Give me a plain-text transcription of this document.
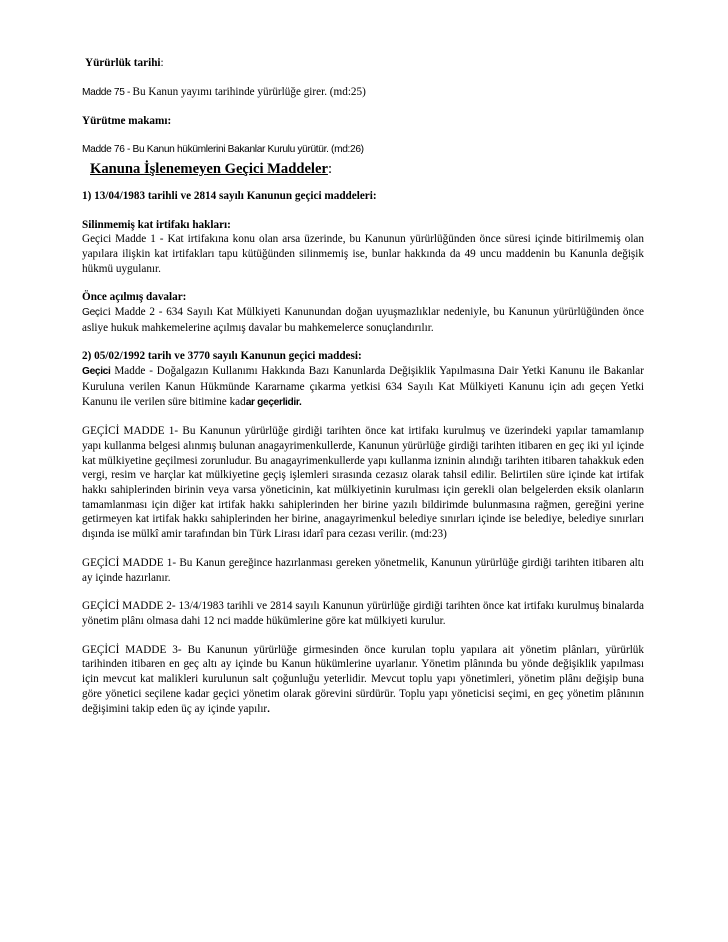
Yürürlük tarihi:

Madde 75 - Bu Kanun yayımı tarihinde yürürlüğe girer. (md:25)

Yürütme makamı:

Madde 76 - Bu Kanun hükümlerini Bakanlar Kurulu yürütür. (md:26)

Kanuna İşlenemeyen Geçici Maddeler:

1) 13/04/1983 tarihli ve 2814 sayılı Kanunun geçici maddeleri:

Silinmemiş kat irtifakı hakları:

Geçici Madde 1 - Kat irtifakına konu olan arsa üzerinde, bu Kanunun yürürlüğünden önce süresi içinde bitirilmemiş olan yapılara ilişkin kat irtifakları tapu kütüğünden silinmemiş ise, bunlar hakkında da 49 uncu maddenin bu Kanunla değişik hükmü uygulanır.

Önce açılmış davalar:

Geçici Madde 2 - 634 Sayılı Kat Mülkiyeti Kanunundan doğan uyuşmazlıklar nedeniyle, bu Kanunun yürürlüğünden önce asliye hukuk mahkemelerine açılmış davalar bu mahkemelerce sonuçlandırılır.

2) 05/02/1992 tarih ve 3770 sayılı Kanunun geçici maddesi:

Geçici Madde - Doğalgazın Kullanımı Hakkında Bazı Kanunlarda Değişiklik Yapılmasına Dair Yetki Kanunu ile Bakanlar Kuruluna verilen Kanun Hükmünde Kararname çıkarma yetkisi 634 Sayılı Kat Mülkiyeti Kanunu için adı geçen Yetki Kanunu ile verilen süre bitimine kadar geçerlidir.

GEÇİCİ MADDE 1- Bu Kanunun yürürlüğe girdiği tarihten önce kat irtifakı kurulmuş ve üzerindeki yapılar tamamlanıp yapı kullanma belgesi alınmış bulunan anagayrimenkullerde, Kanunun yürürlüğe girdiği tarihten itibaren en geç iki yıl içinde kat mülkiyetine geçilmesi zorunludur. Bu anagayrimenkullerde yapı kullanma izninin alındığı tarihten itibaren tahakkuk eden vergi, resim ve harçlar kat mülkiyetine geçiş işlemleri sırasında cezasız olarak tahsil edilir. Belirtilen süre içinde kat irtifak hakkı sahiplerinden birinin veya varsa yöneticinin, kat mülkiyetinin kurulması için gerekli olan belgelerden eksik olanların tamamlanması için diğer kat irtifak hakkı sahiplerinden her birine yazılı bildirimde bulunmasına rağmen, gereğini yerine getirmeyen kat irtifak hakkı sahiplerinden her birine, anagayrimenkul belediye sınırları içinde ise belediye, belediye sınırları dışında ise mülkî amir tarafından bin Türk Lirası idarî para cezası verilir. (md:23)

GEÇİCİ MADDE 1- Bu Kanun gereğince hazırlanması gereken yönetmelik, Kanunun yürürlüğe girdiği tarihten itibaren altı ay içinde hazırlanır.

GEÇİCİ MADDE 2- 13/4/1983 tarihli ve 2814 sayılı Kanunun yürürlüğe girdiği tarihten önce kat irtifakı kurulmuş binalarda yönetim plânı olmasa dahi 12 nci madde hükümlerine göre kat mülkiyeti kurulur.

GEÇİCİ MADDE 3- Bu Kanunun yürürlüğe girmesinden önce kurulan toplu yapılara ait yönetim plânları, yürürlük tarihinden itibaren en geç altı ay içinde bu Kanun hükümlerine uyarlanır. Yönetim plânında bu yönde değişiklik yapılması için mevcut kat malikleri kurulunun salt çoğunluğu yeterlidir. Mevcut toplu yapı yönetimleri, yönetim plânı değişip buna göre yönetici seçilene kadar geçici yönetim olarak görevini sürdürür. Toplu yapı yöneticisi seçimi, en geç yönetim plânının değişimini takip eden üç ay içinde yapılır.
